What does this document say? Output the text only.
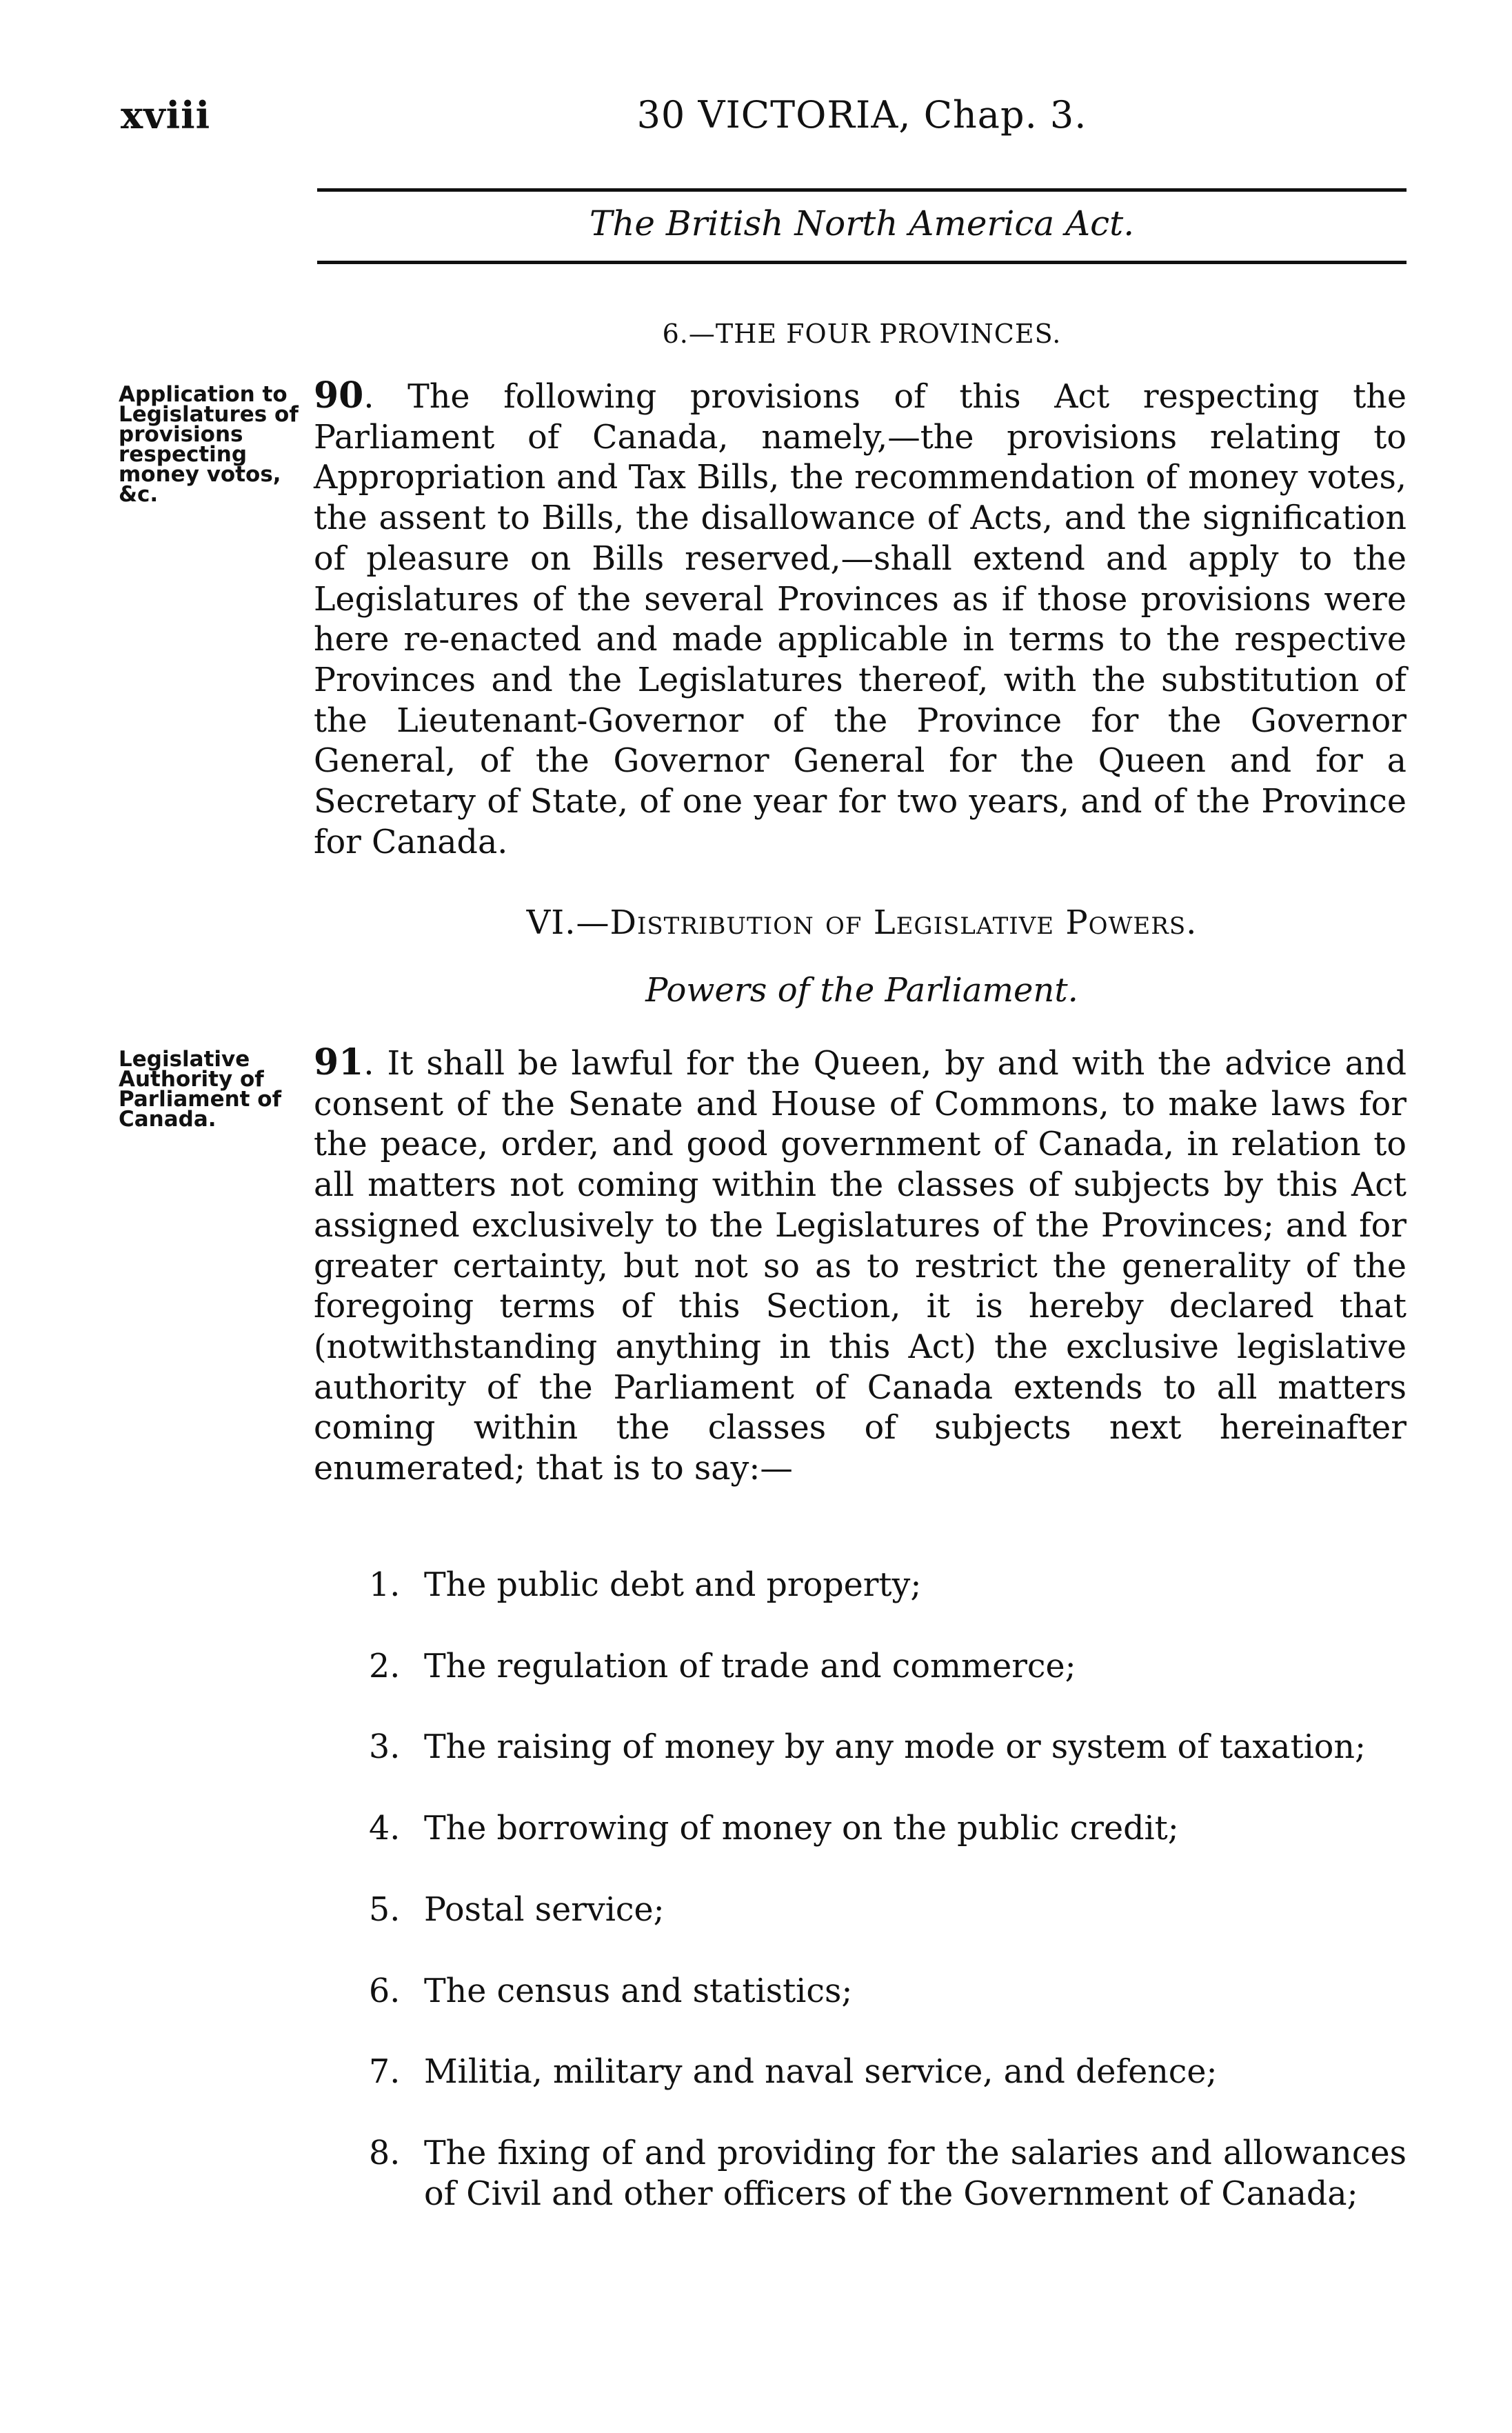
xviii	30 VICTORIA, Chap. 3.
The British North America Act.
6.—THE FOUR PROVINCES.
Application to Legislatures of provisions respecting money votos, &c.
90. The following provisions of this Act respecting the Parliament of Canada, namely,—the provisions relating to Appropriation and Tax Bills, the recommendation of money votes, the assent to Bills, the disallowance of Acts, and the signification of pleasure on Bills reserved,—shall extend and apply to the Legislatures of the several Provinces as if those provisions were here re-enacted and made applicable in terms to the respective Provinces and the Legislatures thereof, with the substitution of the Lieutenant-Governor of the Province for the Governor General, of the Governor General for the Queen and for a Secretary of State, of one year for two years, and of the Province for Canada.
VI.—Distribution of Legislative Powers.
Powers of the Parliament.
Legislative Authority of Parliament of Canada.
91. It shall be lawful for the Queen, by and with the advice and consent of the Senate and House of Commons, to make laws for the peace, order, and good government of Canada, in relation to all matters not coming within the classes of subjects by this Act assigned exclusively to the Legislatures of the Provinces; and for greater certainty, but not so as to restrict the generality of the foregoing terms of this Section, it is hereby declared that (notwithstanding anything in this Act) the exclusive legislative authority of the Parliament of Canada extends to all matters coming within the classes of subjects next hereinafter enumerated; that is to say:—
1. The public debt and property;
2. The regulation of trade and commerce;
3. The raising of money by any mode or system of taxation;
4. The borrowing of money on the public credit;
5. Postal service;
6. The census and statistics;
7. Militia, military and naval service, and defence;
8. The fixing of and providing for the salaries and allowances of Civil and other officers of the Government of Canada;
